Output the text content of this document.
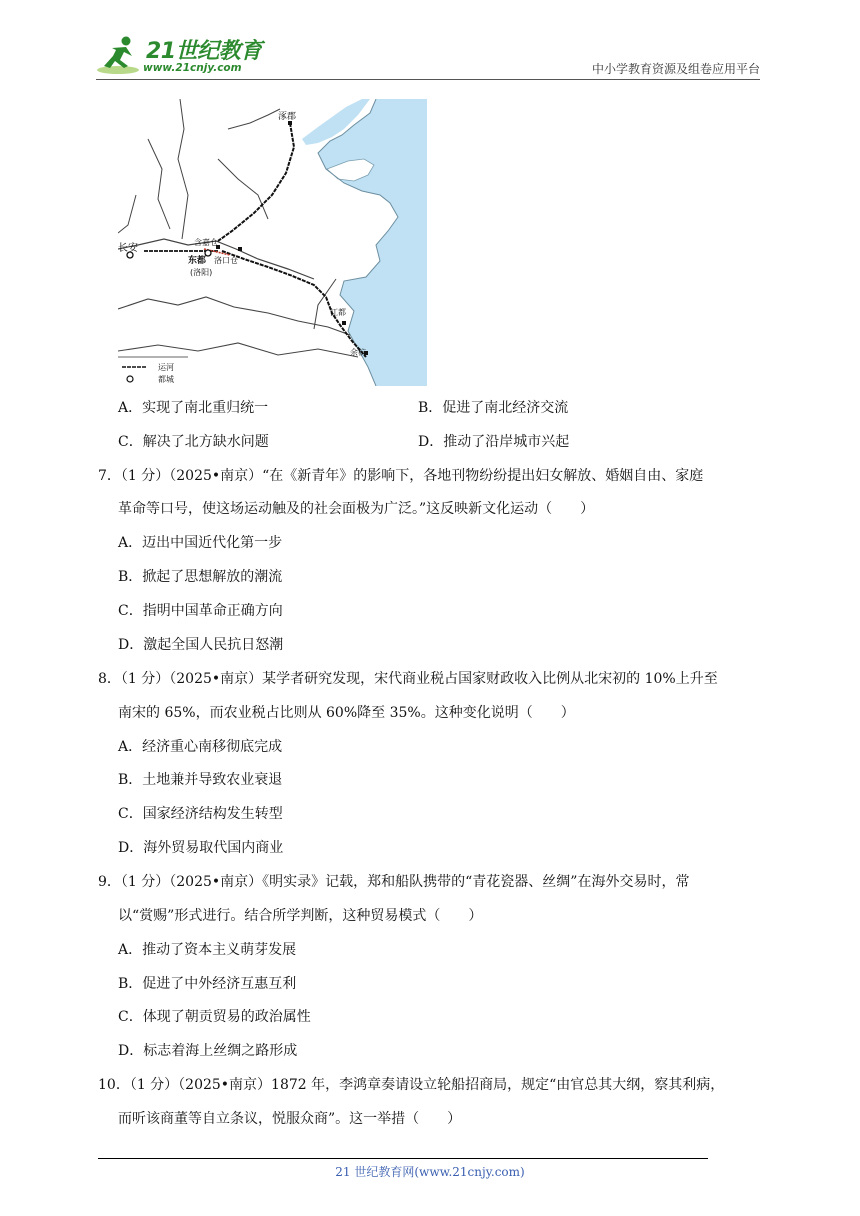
21世纪教育
www.21cnjy.com	中小学教育资源及组卷应用平台
涿郡
长安
含嘉仓
东都 洛口仓
(洛阳)
江都
余杭
运河
都城
A．实现了南北重归统一	B．促进了南北经济交流
C．解决了北方缺水问题	D．推动了沿岸城市兴起
7．（1 分）（2025•南京）“在《新青年》的影响下，各地刊物纷纷提出妇女解放、婚姻自由、家庭
革命等口号，使这场运动触及的社会面极为广泛。”这反映新文化运动（　　）
A．迈出中国近代化第一步
B．掀起了思想解放的潮流
C．指明中国革命正确方向
D．激起全国人民抗日怒潮
8．（1 分）（2025•南京）某学者研究发现，宋代商业税占国家财政收入比例从北宋初的 10%上升至
南宋的 65%，而农业税占比则从 60%降至 35%。这种变化说明（　　）
A．经济重心南移彻底完成
B．土地兼并导致农业衰退
C．国家经济结构发生转型
D．海外贸易取代国内商业
9．（1 分）（2025•南京）《明实录》记载，郑和船队携带的“青花瓷器、丝绸”在海外交易时，常
以“赏赐”形式进行。结合所学判断，这种贸易模式（　　）
A．推动了资本主义萌芽发展
B．促进了中外经济互惠互利
C．体现了朝贡贸易的政治属性
D．标志着海上丝绸之路形成
10．（1 分）（2025•南京）1872 年，李鸿章奏请设立轮船招商局，规定“由官总其大纲，察其利病，
而听该商董等自立条议，悦服众商”。这一举措（　　）
21 世纪教育网(www.21cnjy.com)
